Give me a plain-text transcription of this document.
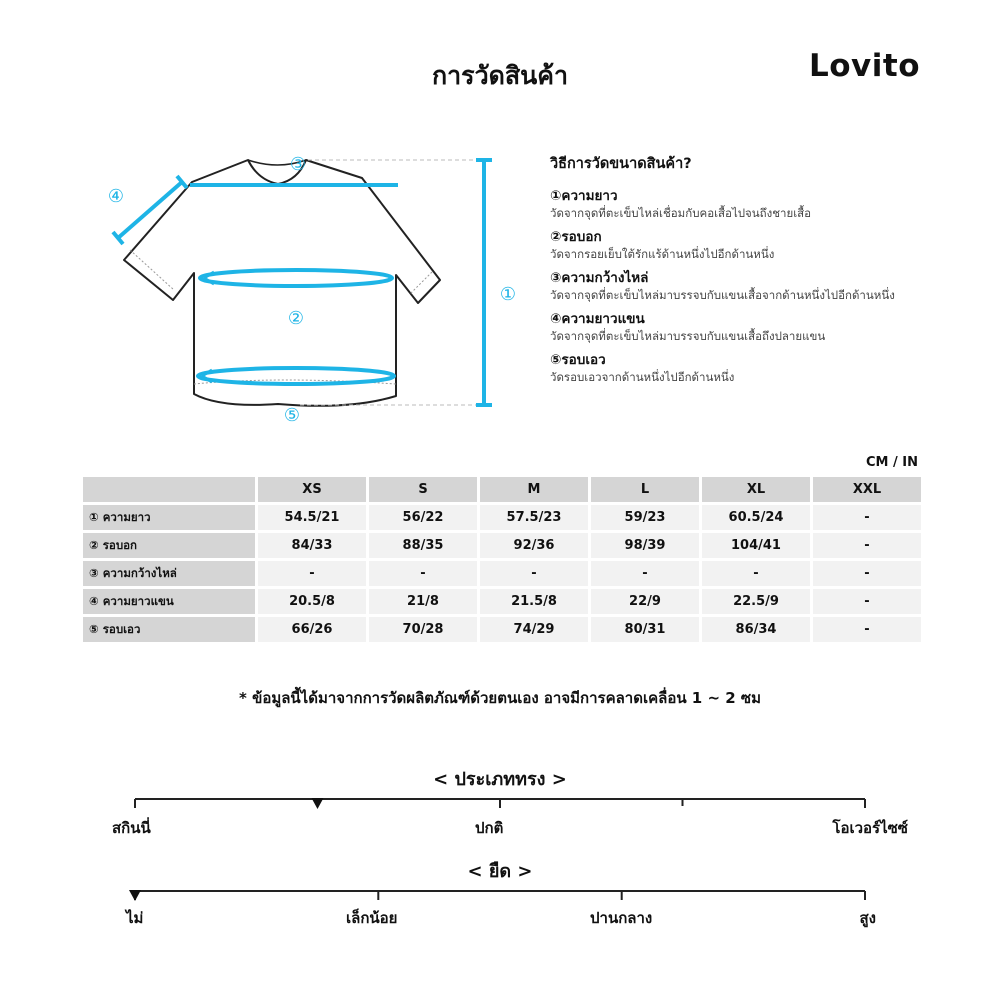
การวัดสินค้า	Lovito
①
②
③
④
⑤
วิธีการวัดขนาดสินค้า?
①ความยาว
วัดจากจุดที่ตะเข็บไหล่เชื่อมกับคอเสื้อไปจนถึงชายเสื้อ
②รอบอก
วัดจากรอยเย็บใต้รักแร้ด้านหนึ่งไปอีกด้านหนึ่ง
③ความกว้างไหล่
วัดจากจุดที่ตะเข็บไหล่มาบรรจบกับแขนเสื้อจากด้านหนึ่งไปอีกด้านหนึ่ง
④ความยาวแขน
วัดจากจุดที่ตะเข็บไหล่มาบรรจบกับแขนเสื้อถึงปลายแขน
⑤รอบเอว
วัดรอบเอวจากด้านหนึ่งไปอีกด้านหนึ่ง
CM / IN
	XS	S	M	L	XL	XXL
① ความยาว	54.5/21	56/22	57.5/23	59/23	60.5/24	-
② รอบอก	84/33	88/35	92/36	98/39	104/41	-
③ ความกว้างไหล่	-	-	-	-	-	-
④ ความยาวแขน	20.5/8	21/8	21.5/8	22/9	22.5/9	-
⑤ รอบเอว	66/26	70/28	74/29	80/31	86/34	-
* ข้อมูลนี้ได้มาจากการวัดผลิตภัณฑ์ด้วยตนเอง อาจมีการคลาดเคลื่อน 1 ~ 2 ซม
< ประเภททรง >
สกินนี่	ปกติ	โอเวอร์ไซซ์
< ยืด >
ไม่	เล็กน้อย	ปานกลาง	สูง
